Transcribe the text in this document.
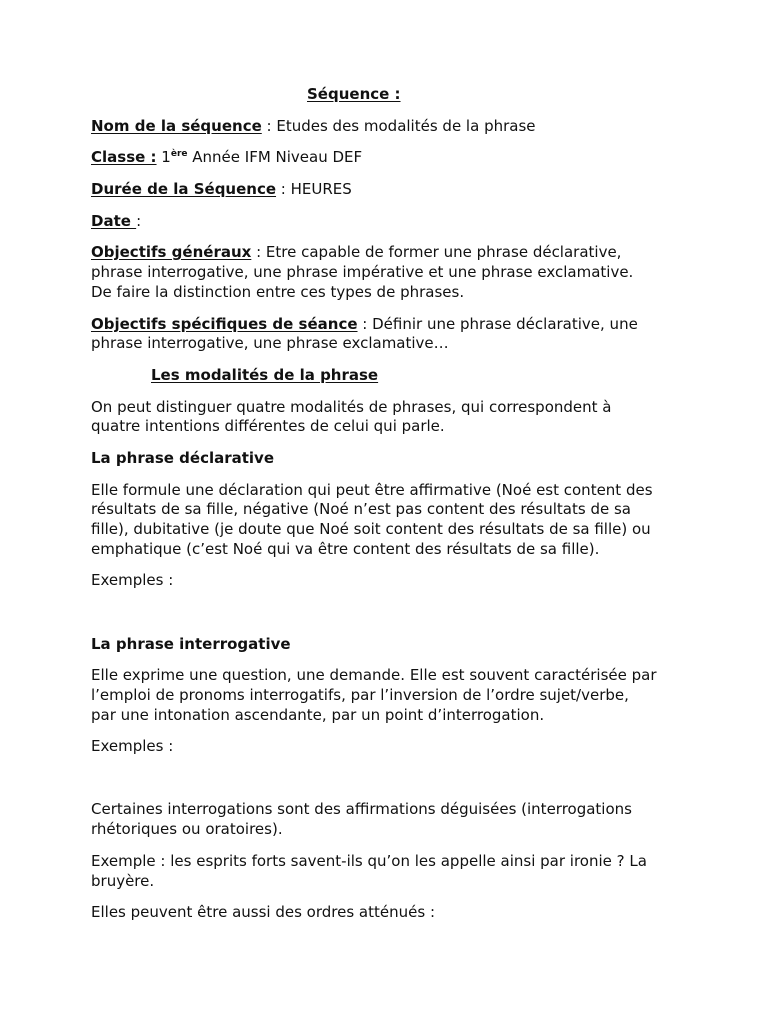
Séquence :
Nom de la séquence : Etudes des modalités de la phrase
Classe : 1ère Année IFM Niveau DEF
Durée de la Séquence : HEURES
Date :
Objectifs généraux : Etre capable de former une phrase déclarative,
phrase interrogative, une phrase impérative et une phrase exclamative.
De faire la distinction entre ces types de phrases.
Objectifs spécifiques de séance : Définir une phrase déclarative, une
phrase interrogative, une phrase exclamative…
Les modalités de la phrase
On peut distinguer quatre modalités de phrases, qui correspondent à
quatre intentions différentes de celui qui parle.
La phrase déclarative
Elle formule une déclaration qui peut être affirmative (Noé est content des
résultats de sa fille, négative (Noé n’est pas content des résultats de sa
fille), dubitative (je doute que Noé soit content des résultats de sa fille) ou
emphatique (c’est Noé qui va être content des résultats de sa fille).
Exemples :
La phrase interrogative
Elle exprime une question, une demande. Elle est souvent caractérisée par
l’emploi de pronoms interrogatifs, par l’inversion de l’ordre sujet/verbe,
par une intonation ascendante, par un point d’interrogation.
Exemples :
Certaines interrogations sont des affirmations déguisées (interrogations
rhétoriques ou oratoires).
Exemple : les esprits forts savent-ils qu’on les appelle ainsi par ironie ? La
bruyère.
Elles peuvent être aussi des ordres atténués :
